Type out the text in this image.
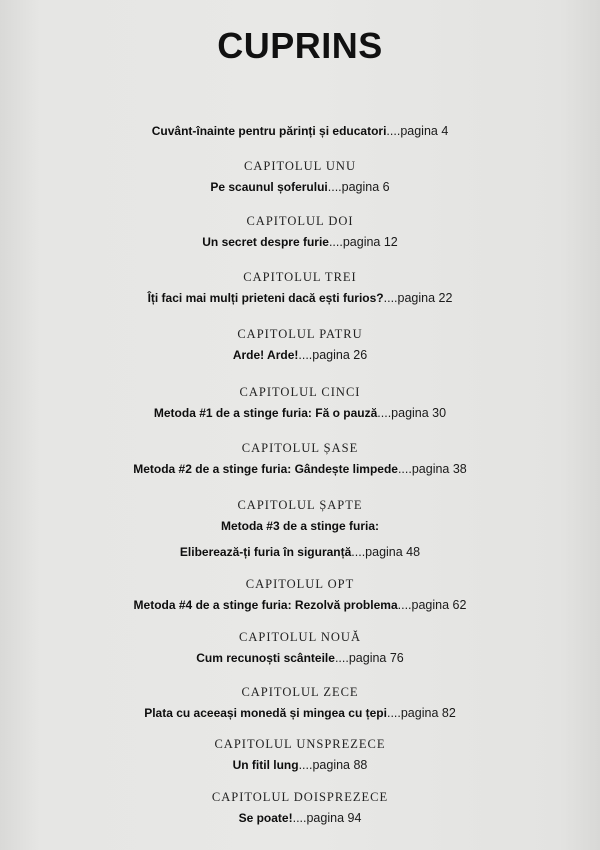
CUPRINS
Cuvânt-înainte pentru părinți și educatori....pagina 4
CAPITOLUL UNU
Pe scaunul șoferului....pagina 6
CAPITOLUL DOI
Un secret despre furie....pagina 12
CAPITOLUL TREI
Îți faci mai mulți prieteni dacă ești furios?....pagina 22
CAPITOLUL PATRU
Arde! Arde!....pagina 26
CAPITOLUL CINCI
Metoda #1 de a stinge furia: Fă o pauză....pagina 30
CAPITOLUL ȘASE
Metoda #2 de a stinge furia: Gândește limpede....pagina 38
CAPITOLUL ȘAPTE
Metoda #3 de a stinge furia:
Eliberează-ți furia în siguranță....pagina 48
CAPITOLUL OPT
Metoda #4 de a stinge furia: Rezolvă problema....pagina 62
CAPITOLUL NOUĂ
Cum recunoști scânteile....pagina 76
CAPITOLUL ZECE
Plata cu aceeași monedă și mingea cu țepi....pagina 82
CAPITOLUL UNSPREZECE
Un fitil lung....pagina 88
CAPITOLUL DOISPREZECE
Se poate!....pagina 94
